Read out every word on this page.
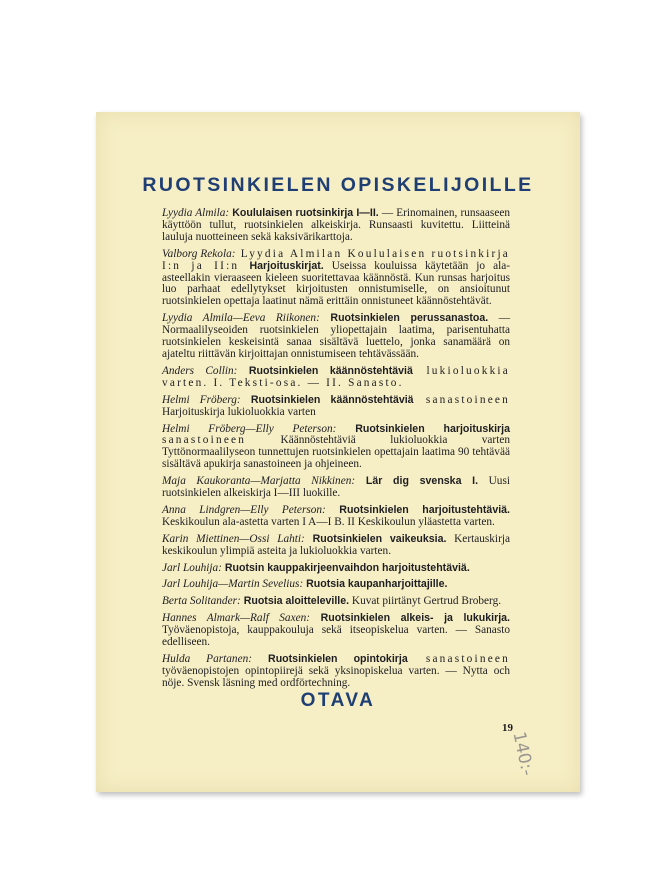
RUOTSINKIELEN OPISKELIJOILLE

Lyydia Almila: Koululaisen ruotsinkirja I—II. — Erinomainen, runsaaseen käyttöön tullut, ruotsinkielen alkeiskirja. Runsaasti kuvitettu. Liitteinä lauluja nuotteineen sekä kaksivärikarttoja.

Valborg Rekola: Lyydia Almilan Koululaisen ruotsinkirja I:n ja II:n Harjoituskirjat. Useissa kouluissa käytetään jo ala-asteellakin vieraaseen kieleen suoritettavaa käännöstä. Kun runsas harjoitus luo parhaat edellytykset kirjoitusten onnistumiselle, on ansioitunut ruotsinkielen opettaja laatinut nämä erittäin onnistuneet käännöstehtävät.

Lyydia Almila—Eeva Riikonen: Ruotsinkielen perussanastoa. — Normaalilyseoiden ruotsinkielen yliopettajain laatima, parisentuhatta ruotsinkielen keskeisintä sanaa sisältävä luettelo, jonka sanamäärä on ajateltu riittävän kirjoittajan onnistumiseen tehtävässään.

Anders Collin: Ruotsinkielen käännöstehtäviä lukioluokkia varten. I. Teksti-osa. — II. Sanasto.

Helmi Fröberg: Ruotsinkielen käännöstehtäviä sanastoineen Harjoituskirja lukioluokkia varten

Helmi Fröberg—Elly Peterson: Ruotsinkielen harjoituskirja sanastoineen Käännöstehtäviä lukioluokkia varten Tyttönormaalilyseon tunnettujen ruotsinkielen opettajain laatima 90 tehtävää sisältävä apukirja sanastoineen ja ohjeineen.

Maja Kaukoranta—Marjatta Nikkinen: Lär dig svenska I. Uusi ruotsinkielen alkeiskirja I—III luokille.

Anna Lindgren—Elly Peterson: Ruotsinkielen harjoitustehtäviä. Keskikoulun ala-astetta varten I A—I B. II Keskikoulun yläastetta varten.

Karin Miettinen—Ossi Lahti: Ruotsinkielen vaikeuksia. Kertauskirja keskikoulun ylimpiä asteita ja lukioluokkia varten.

Jarl Louhija: Ruotsin kauppakirjeenvaihdon harjoitustehtäviä.

Jarl Louhija—Martin Sevelius: Ruotsia kaupanharjoittajille.

Berta Solitander: Ruotsia aloitteleville. Kuvat piirtänyt Gertrud Broberg.

Hannes Almark—Ralf Saxen: Ruotsinkielen alkeis- ja lukukirja. Työväenopistoja, kauppakouluja sekä itseopiskelua varten. — Sanasto edelliseen.

Hulda Partanen: Ruotsinkielen opintokirja sanastoineen työväenopistojen opintopiirejä sekä yksinopiskelua varten. — Nytta och nöje. Svensk läsning med ordförtechning.

OTAVA
19
140:-
